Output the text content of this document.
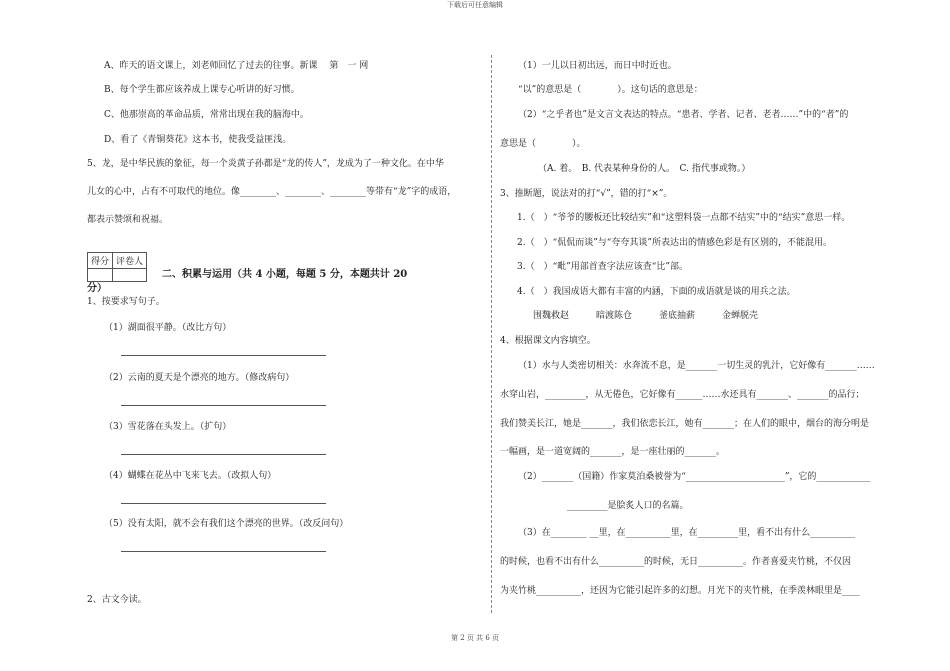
下载后可任意编辑
A、昨天的语文课上，刘老师回忆了过去的往事。新课　 第　一 网
B、每个学生都应该养成上课专心听讲的好习惯。
C、他那崇高的革命品质，常常出现在我的脑海中。
D、看了《青铜葵花》这本书，使我受益匪浅。
5、龙，是中华民族的象征，每一个炎黄子孙都是“龙的传人”，龙成为了一种文化。在中华
儿女的心中，占有不可取代的地位。像________、________、________等带有“龙”字的成语，
都表示赞颂和祝福。
得分	评卷人

二、积累与运用（共 4 小题，每题 5 分，本题共计 20
分）
1、按要求写句子。
（1）湖面很平静。（改比方句）
（2）云南的夏天是个漂亮的地方。（修改病句）
（3）雪花落在头发上。（扩句）
（4）蝴蝶在花丛中飞来飞去。（改拟人句）
（5）没有太阳，就不会有我们这个漂亮的世界。（改反问句）
2、古文今读。
（1）一儿以日初出远，而日中时近也。
“以”的意思是（　　　　）。这句话的意思是：
（2）“之乎者也”是文言文表达的特点。“患者、学者、记者、老者……”中的“者”的
意思是（　　　　）。
（A. 着。　B. 代表某种身份的人。　C. 指代事或物。）
3、推断题，说法对的打“√”，错的打“×”。
1.（　）“爷爷的腰板还比较结实”和“这塑料袋一点都不结实”中的“结实”意思一样。
2.（　）“侃侃而谈”与“夸夸其谈”所表达出的情感色彩是有区别的，不能混用。
3.（　）“毗”用部首查字法应该查“比”部。
4.（　）我国成语大都有丰富的内涵，下面的成语就是谈的用兵之法。
围魏救赵　　　暗渡陈仓　　　釜底抽薪　　　金蝉脱壳
4、根据课文内容填空。
（1）水与人类密切相关：水奔流不息，是_______一切生灵的乳汁，它好像有_______……
水穿山岩，_________，从无倦色，它好像有______……水还具有_______、_______的品行；
我们赞美长江，她是_______，我们依恋长江，她有_______；在人们的眼中，烟台的海分明是
一幅画，是一道宽阔的_______，是一座壮丽的_______。
（2）_______（国籍）作家莫泊桑被誉为“______________________”，它的____________
_________是脍炙人口的名篇。
（3）在________ __里，在__________里，在_________里，看不出有什么__________
的时候，也看不出有什么__________的时候，无日__________。作者喜爱夹竹桃，不仅因
为夹竹桃__________，还因为它能引起许多的幻想。月光下的夹竹桃，在季羡林眼里是____
第 2 页 共 6 页
